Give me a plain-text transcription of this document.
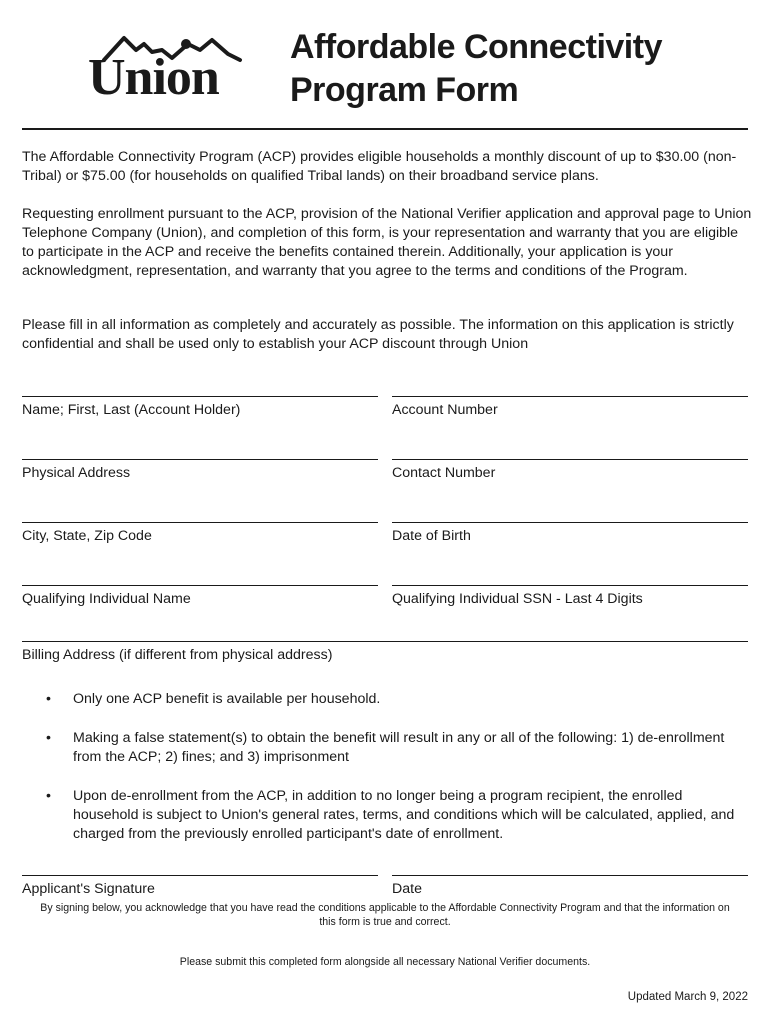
Union
Affordable Connectivity
Program Form
The Affordable Connectivity Program (ACP) provides eligible households a monthly discount of up to $30.00 (non-Tribal) or $75.00 (for households on qualified Tribal lands) on their broadband service plans.
Requesting enrollment pursuant to the ACP, provision of the National Verifier application and approval page to Union Telephone Company (Union), and completion of this form, is your representation and warranty that you are eligible to participate in the ACP and receive the benefits contained therein. Additionally, your application is your acknowledgment, representation, and warranty that you agree to the terms and conditions of the Program.
Please fill in all information as completely and accurately as possible. The information on this application is strictly confidential and shall be used only to establish your ACP discount through Union
Name; First, Last (Account Holder)	Account Number
Physical Address	Contact Number
City, State, Zip Code	Date of Birth
Qualifying Individual Name	Qualifying Individual SSN - Last 4 Digits
Billing Address (if different from physical address)
• Only one ACP benefit is available per household.
• Making a false statement(s) to obtain the benefit will result in any or all of the following: 1) de-enrollment from the ACP; 2) fines; and 3) imprisonment
• Upon de-enrollment from the ACP, in addition to no longer being a program recipient, the enrolled household is subject to Union's general rates, terms, and conditions which will be calculated, applied, and charged from the previously enrolled participant's date of enrollment.
Applicant's Signature	Date
By signing below, you acknowledge that you have read the conditions applicable to the Affordable Connectivity Program and that the information on this form is true and correct.
Please submit this completed form alongside all necessary National Verifier documents.
Updated March 9, 2022
